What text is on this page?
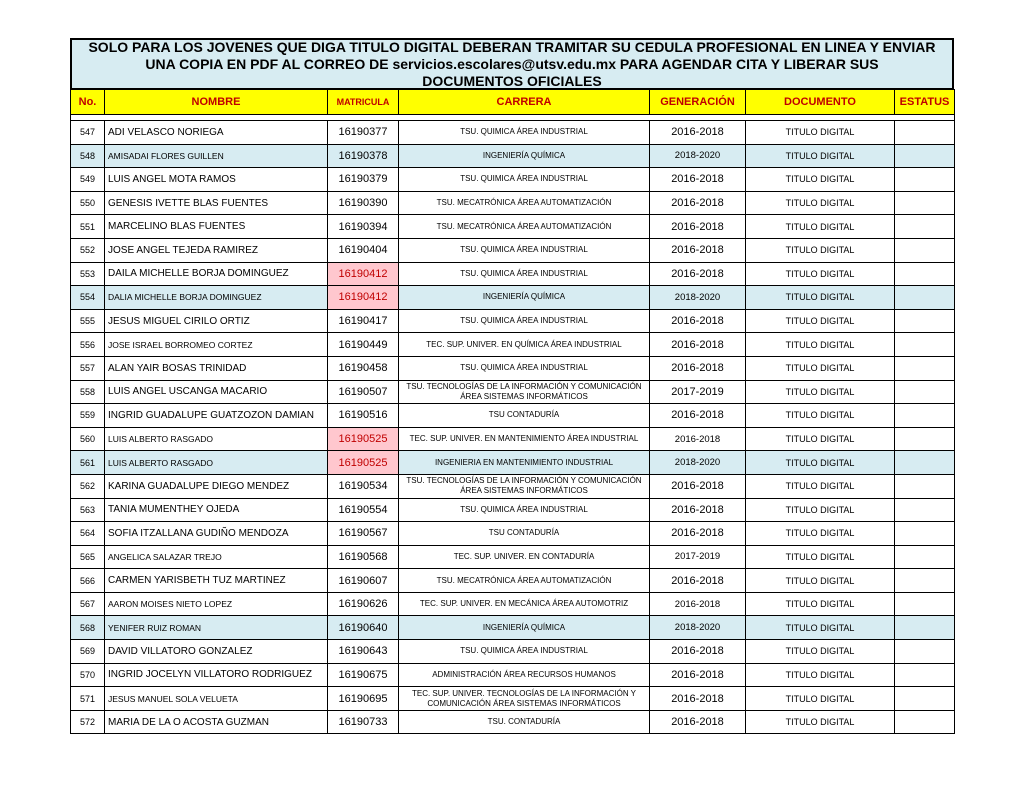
SOLO PARA LOS JOVENES QUE DIGA TITULO DIGITAL DEBERAN TRAMITAR SU CEDULA PROFESIONAL EN LINEA Y ENVIAR
UNA COPIA EN PDF AL CORREO DE servicios.escolares@utsv.edu.mx PARA AGENDAR CITA Y LIBERAR SUS
DOCUMENTOS OFICIALES
No.	NOMBRE	MATRICULA	CARRERA	GENERACIÓN	DOCUMENTO	ESTATUS

547	ADI VELASCO NORIEGA	16190377	TSU. QUIMICA ÁREA INDUSTRIAL	2016-2018	TITULO DIGITAL	
548	AMISADAI FLORES GUILLEN	16190378	INGENIERÍA QUÍMICA	2018-2020	TITULO DIGITAL	
549	LUIS ANGEL MOTA RAMOS	16190379	TSU. QUIMICA ÁREA INDUSTRIAL	2016-2018	TITULO DIGITAL	
550	GENESIS IVETTE BLAS FUENTES	16190390	TSU. MECATRÓNICA ÁREA AUTOMATIZACIÓN	2016-2018	TITULO DIGITAL	
551	MARCELINO BLAS FUENTES	16190394	TSU. MECATRÓNICA ÁREA AUTOMATIZACIÓN	2016-2018	TITULO DIGITAL	
552	JOSE ANGEL TEJEDA RAMIREZ	16190404	TSU. QUIMICA ÁREA INDUSTRIAL	2016-2018	TITULO DIGITAL	
553	DAILA MICHELLE BORJA DOMINGUEZ	16190412	TSU. QUIMICA ÁREA INDUSTRIAL	2016-2018	TITULO DIGITAL	
554	DALIA MICHELLE BORJA DOMINGUEZ	16190412	INGENIERÍA QUÍMICA	2018-2020	TITULO DIGITAL	
555	JESUS MIGUEL CIRILO ORTIZ	16190417	TSU. QUIMICA ÁREA INDUSTRIAL	2016-2018	TITULO DIGITAL	
556	JOSE ISRAEL BORROMEO CORTEZ	16190449	TEC. SUP. UNIVER. EN QUÍMICA ÁREA INDUSTRIAL	2016-2018	TITULO DIGITAL	
557	ALAN YAIR BOSAS TRINIDAD	16190458	TSU. QUIMICA ÁREA INDUSTRIAL	2016-2018	TITULO DIGITAL	
558	LUIS ANGEL USCANGA MACARIO	16190507	TSU. TECNOLOGÍAS DE LA INFORMACIÓN Y COMUNICACIÓN ÁREA SISTEMAS INFORMÁTICOS	2017-2019	TITULO DIGITAL	
559	INGRID GUADALUPE GUATZOZON DAMIAN	16190516	TSU CONTADURÍA	2016-2018	TITULO DIGITAL	
560	LUIS ALBERTO RASGADO	16190525	TEC. SUP. UNIVER. EN MANTENIMIENTO ÁREA INDUSTRIAL	2016-2018	TITULO DIGITAL	
561	LUIS ALBERTO RASGADO	16190525	INGENIERIA EN MANTENIMIENTO INDUSTRIAL	2018-2020	TITULO DIGITAL	
562	KARINA GUADALUPE DIEGO MENDEZ	16190534	TSU. TECNOLOGÍAS DE LA INFORMACIÓN Y COMUNICACIÓN ÁREA SISTEMAS INFORMÁTICOS	2016-2018	TITULO DIGITAL	
563	TANIA MUMENTHEY OJEDA	16190554	TSU. QUIMICA ÁREA INDUSTRIAL	2016-2018	TITULO DIGITAL	
564	SOFIA ITZALLANA GUDIÑO MENDOZA	16190567	TSU CONTADURÍA	2016-2018	TITULO DIGITAL	
565	ANGELICA SALAZAR TREJO	16190568	TEC. SUP. UNIVER. EN CONTADURÍA	2017-2019	TITULO DIGITAL	
566	CARMEN YARISBETH TUZ MARTINEZ	16190607	TSU. MECATRÓNICA ÁREA AUTOMATIZACIÓN	2016-2018	TITULO DIGITAL	
567	AARON MOISES NIETO LOPEZ	16190626	TEC. SUP. UNIVER. EN MECÁNICA ÁREA AUTOMOTRIZ	2016-2018	TITULO DIGITAL	
568	YENIFER RUIZ ROMAN	16190640	INGENIERÍA QUÍMICA	2018-2020	TITULO DIGITAL	
569	DAVID VILLATORO GONZALEZ	16190643	TSU. QUIMICA ÁREA INDUSTRIAL	2016-2018	TITULO DIGITAL	
570	INGRID JOCELYN VILLATORO RODRIGUEZ	16190675	ADMINISTRACIÓN ÁREA RECURSOS HUMANOS	2016-2018	TITULO DIGITAL	
571	JESUS MANUEL SOLA VELUETA	16190695	TEC. SUP. UNIVER. TECNOLOGÍAS DE LA INFORMACIÓN Y COMUNICACIÓN ÁREA SISTEMAS INFORMÁTICOS	2016-2018	TITULO DIGITAL	
572	MARIA DE LA O ACOSTA GUZMAN	16190733	TSU. CONTADURÍA	2016-2018	TITULO DIGITAL	
